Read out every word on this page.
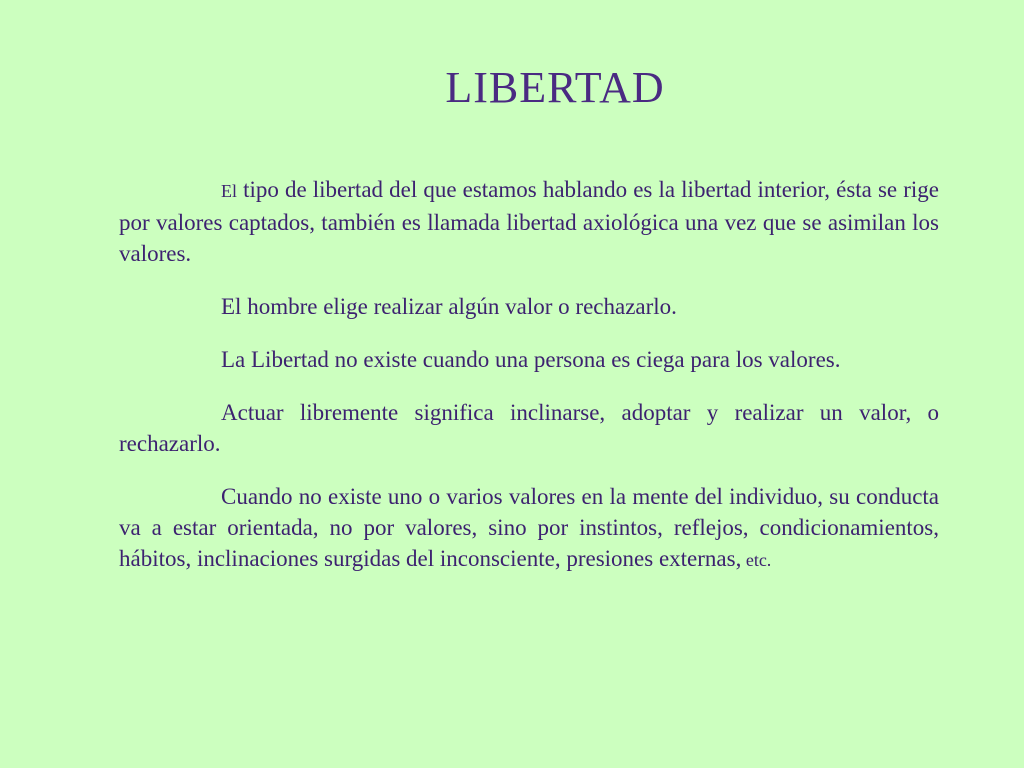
LIBERTAD

El tipo de libertad del que estamos hablando es la libertad interior, ésta se rige por valores captados, también es llamada libertad axiológica una vez que se asimilan los valores.

El hombre elige realizar algún valor o rechazarlo.

La Libertad no existe cuando una persona es ciega para los valores.

Actuar libremente significa inclinarse, adoptar y realizar un valor, o rechazarlo.

Cuando no existe uno o varios valores en la mente del individuo, su conducta va a estar orientada, no por valores, sino por instintos, reflejos, condicionamientos, hábitos, inclinaciones surgidas del inconsciente, presiones externas, etc.
